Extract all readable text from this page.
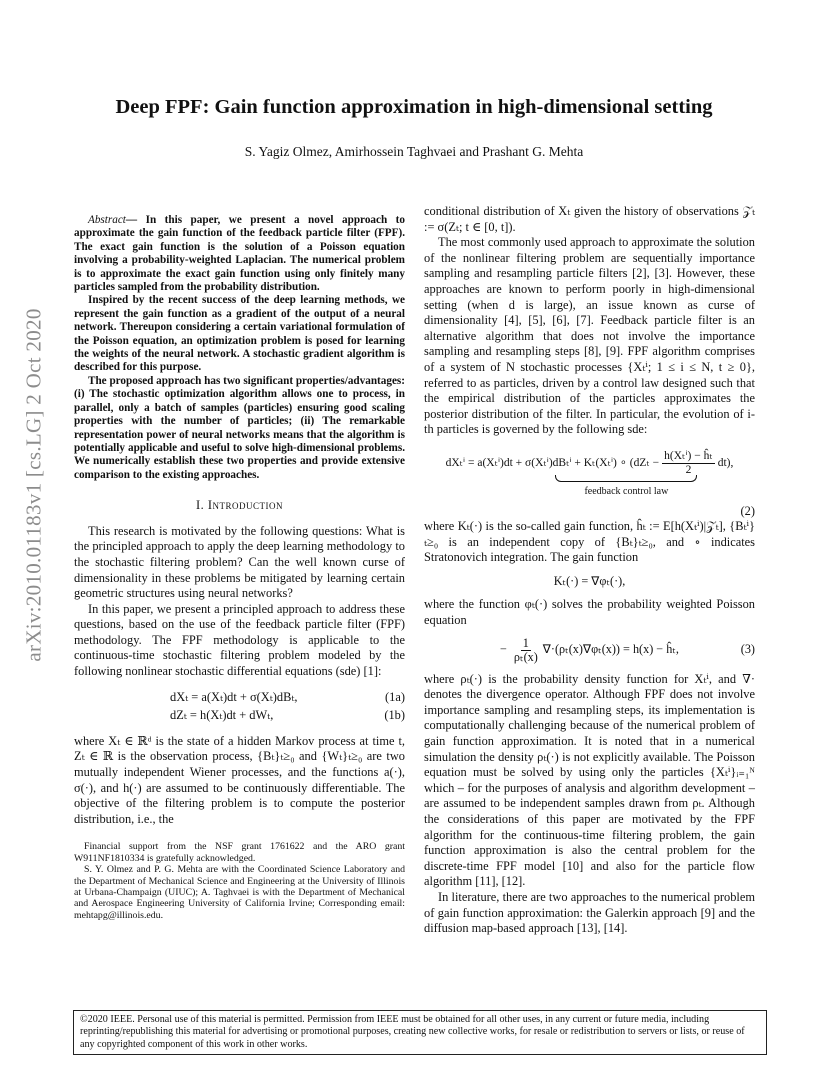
arXiv:2010.01183v1 [cs.LG] 2 Oct 2020
Deep FPF: Gain function approximation in high-dimensional setting
S. Yagiz Olmez, Amirhossein Taghvaei and Prashant G. Mehta

Abstract— In this paper, we present a novel approach to approximate the gain function of the feedback particle filter (FPF). The exact gain function is the solution of a Poisson equation involving a probability-weighted Laplacian. The numerical problem is to approximate the exact gain function using only finitely many particles sampled from the probability distribution.

Inspired by the recent success of the deep learning methods, we represent the gain function as a gradient of the output of a neural network. Thereupon considering a certain variational formulation of the Poisson equation, an optimization problem is posed for learning the weights of the neural network. A stochastic gradient algorithm is described for this purpose.

The proposed approach has two significant properties/advantages: (i) The stochastic optimization algorithm allows one to process, in parallel, only a batch of samples (particles) ensuring good scaling properties with the number of particles; (ii) The remarkable representation power of neural networks means that the algorithm is potentially applicable and useful to solve high-dimensional problems. We numerically establish these two properties and provide extensive comparison to the existing approaches.

I. Introduction

This research is motivated by the following questions: What is the principled approach to apply the deep learning methodology to the stochastic filtering problem? Can the well known curse of dimensionality in these problems be mitigated by learning certain geometric structures using neural networks?

In this paper, we present a principled approach to address these questions, based on the use of the feedback particle filter (FPF) methodology. The FPF methodology is applicable to the continuous-time stochastic filtering problem modeled by the following nonlinear stochastic differential equations (sde) [1]:

dXₜ = a(Xₜ)dt + σ(Xₜ)dBₜ,	(1a)
dZₜ = h(Xₜ)dt + dWₜ,	(1b)

where Xₜ ∈ ℝᵈ is the state of a hidden Markov process at time t, Zₜ ∈ ℝ is the observation process, {Bₜ}ₜ≥₀ and {Wₜ}ₜ≥₀ are two mutually independent Wiener processes, and the functions a(·), σ(·), and h(·) are assumed to be continuously differentiable. The objective of the filtering problem is to compute the posterior distribution, i.e., the

Financial support from the NSF grant 1761622 and the ARO grant W911NF1810334 is gratefully acknowledged.

S. Y. Olmez and P. G. Mehta are with the Coordinated Science Laboratory and the Department of Mechanical Science and Engineering at the University of Illinois at Urbana-Champaign (UIUC); A. Taghvaei is with the Department of Mechanical and Aerospace Engineering University of California Irvine; Corresponding email: mehtapg@illinois.edu.

conditional distribution of Xₜ given the history of observations 𝒵ₜ := σ(Zₜ; t ∈ [0, t]).

The most commonly used approach to approximate the solution of the nonlinear filtering problem are sequentially importance sampling and resampling particle filters [2], [3]. However, these approaches are known to perform poorly in high-dimensional setting (when d is large), an issue known as curse of dimensionality [4], [5], [6], [7]. Feedback particle filter is an alternative algorithm that does not involve the importance sampling and resampling steps [8], [9]. FPF algorithm comprises of a system of N stochastic processes {Xₜⁱ; 1 ≤ i ≤ N, t ≥ 0}, referred to as particles, driven by a control law designed such that the empirical distribution of the particles approximates the posterior distribution of the filter. In particular, the evolution of i-th particles is governed by the following sde:

dXₜⁱ = a(Xₜⁱ)dt + σ(Xₜⁱ)dBₜⁱ + Kₜ(Xₜⁱ) ∘ $(dZ_t - \frac{\text{h(Xₜⁱ) − ĥₜ}}{2} dt)$,
feedback control law
(2)

where Kₜ(·) is the so-called gain function, ĥₜ := E[h(Xₜⁱ)|𝒵ₜ], {Bₜⁱ}ₜ≥₀ is an independent copy of {Bₜ}ₜ≥₀, and ∘ indicates Stratonovich integration. The gain function

Kₜ(·) = ∇φₜ(·),

where the function φₜ(·) solves the probability weighted Poisson equation

− $\frac{1}{\text{ρₜ(x)}} \nabla\cdot(\rho_t(x)\nabla\varphi_t(x)) = h(x)$ − ĥₜ,	(3)

where ρₜ(·) is the probability density function for Xₜⁱ, and ∇· denotes the divergence operator. Although FPF does not involve importance sampling and resampling steps, its implementation is computationally challenging because of the numerical problem of gain function approximation. It is noted that in a numerical simulation the density ρₜ(·) is not explicitly available. The Poisson equation must be solved by using only the particles {Xₜⁱ}ᵢ₌₁ᴺ which – for the purposes of analysis and algorithm development – are assumed to be independent samples drawn from ρₜ. Although the considerations of this paper are motivated by the FPF algorithm for the continuous-time filtering problem, the gain function approximation is also the central problem for the discrete-time FPF model [10] and also for the particle flow algorithm [11], [12].

In literature, there are two approaches to the numerical problem of gain function approximation: the Galerkin approach [9] and the diffusion map-based approach [13], [14].

©2020 IEEE. Personal use of this material is permitted. Permission from IEEE must be obtained for all other uses, in any current or future media, including reprinting/republishing this material for advertising or promotional purposes, creating new collective works, for resale or redistribution to servers or lists, or reuse of any copyrighted component of this work in other works.
